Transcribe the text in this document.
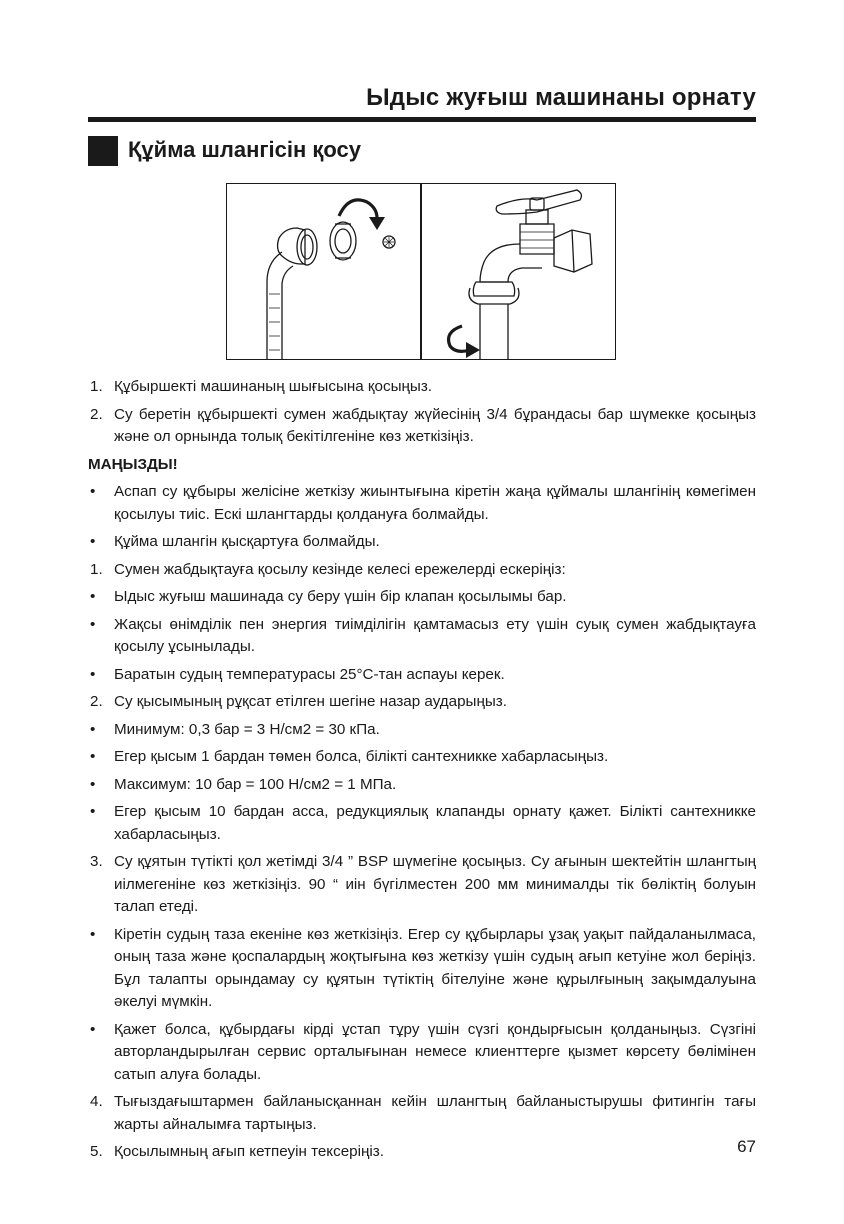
Ыдыс жуғыш машинаны орнату
Құйма шлангісін қосу
1. Құбыршекті машинаның шығысына қосыңыз.
2. Су беретін құбыршекті сумен жабдықтау жүйесінің 3/4 бұрандасы бар шүмекке қосыңыз және ол орнында толық бекітілгеніне көз жеткізіңіз.
МАҢЫЗДЫ!
• Аспап су құбыры желісіне жеткізу жиынтығына кіретін жаңа құймалы шлангінің көмегімен қосылуы тиіс. Ескі шлангтарды қолдануға болмайды.
• Құйма шлангін қысқартуға болмайды.
1. Сумен жабдықтауға қосылу кезінде келесі ережелерді ескеріңіз:
• Ыдыс жуғыш машинада су беру үшін бір клапан қосылымы бар.
• Жақсы өнімділік пен энергия тиімділігін қамтамасыз ету үшін суық сумен жабдықтауға қосылу ұсынылады.
• Баратын судың температурасы 25°С-тан аспауы керек.
2. Су қысымының рұқсат етілген шегіне назар аударыңыз.
• Минимум: 0,3 бар = 3 Н/см2 = 30 кПа.
• Егер қысым 1 бардан төмен болса, білікті сантехникке хабарласыңыз.
• Максимум: 10 бар = 100 Н/см2 = 1 МПа.
• Егер қысым 10 бардан асса, редукциялық клапанды орнату қажет. Білікті сантехникке хабарласыңыз.
3. Су құятын түтікті қол жетімді 3/4 ” BSP шүмегіне қосыңыз. Су ағынын шектейтін шлангтың иілмегеніне көз жеткізіңіз. 90 “ иін бүгілместен 200 мм минималды тік бөліктің болуын талап етеді.
• Кіретін судың таза екеніне көз жеткізіңіз. Егер су құбырлары ұзақ уақыт пайдаланылмаса, оның таза және қоспалардың жоқтығына көз жеткізу үшін судың ағып кетуіне жол беріңіз. Бұл талапты орындамау су құятын түтіктің бітелуіне және құрылғының зақымдалуына әкелуі мүмкін.
• Қажет болса, құбырдағы кірді ұстап тұру үшін сүзгі қондырғысын қолданыңыз. Сүзгіні авторландырылған сервис орталығынан немесе клиенттерге қызмет көрсету бөлімінен сатып алуға болады.
4. Тығыздағыштармен байланысқаннан кейін шлангтың байланыстырушы фитингін тағы жарты айналымға тартыңыз.
5. Қосылымның ағып кетпеуін тексеріңіз.	67
